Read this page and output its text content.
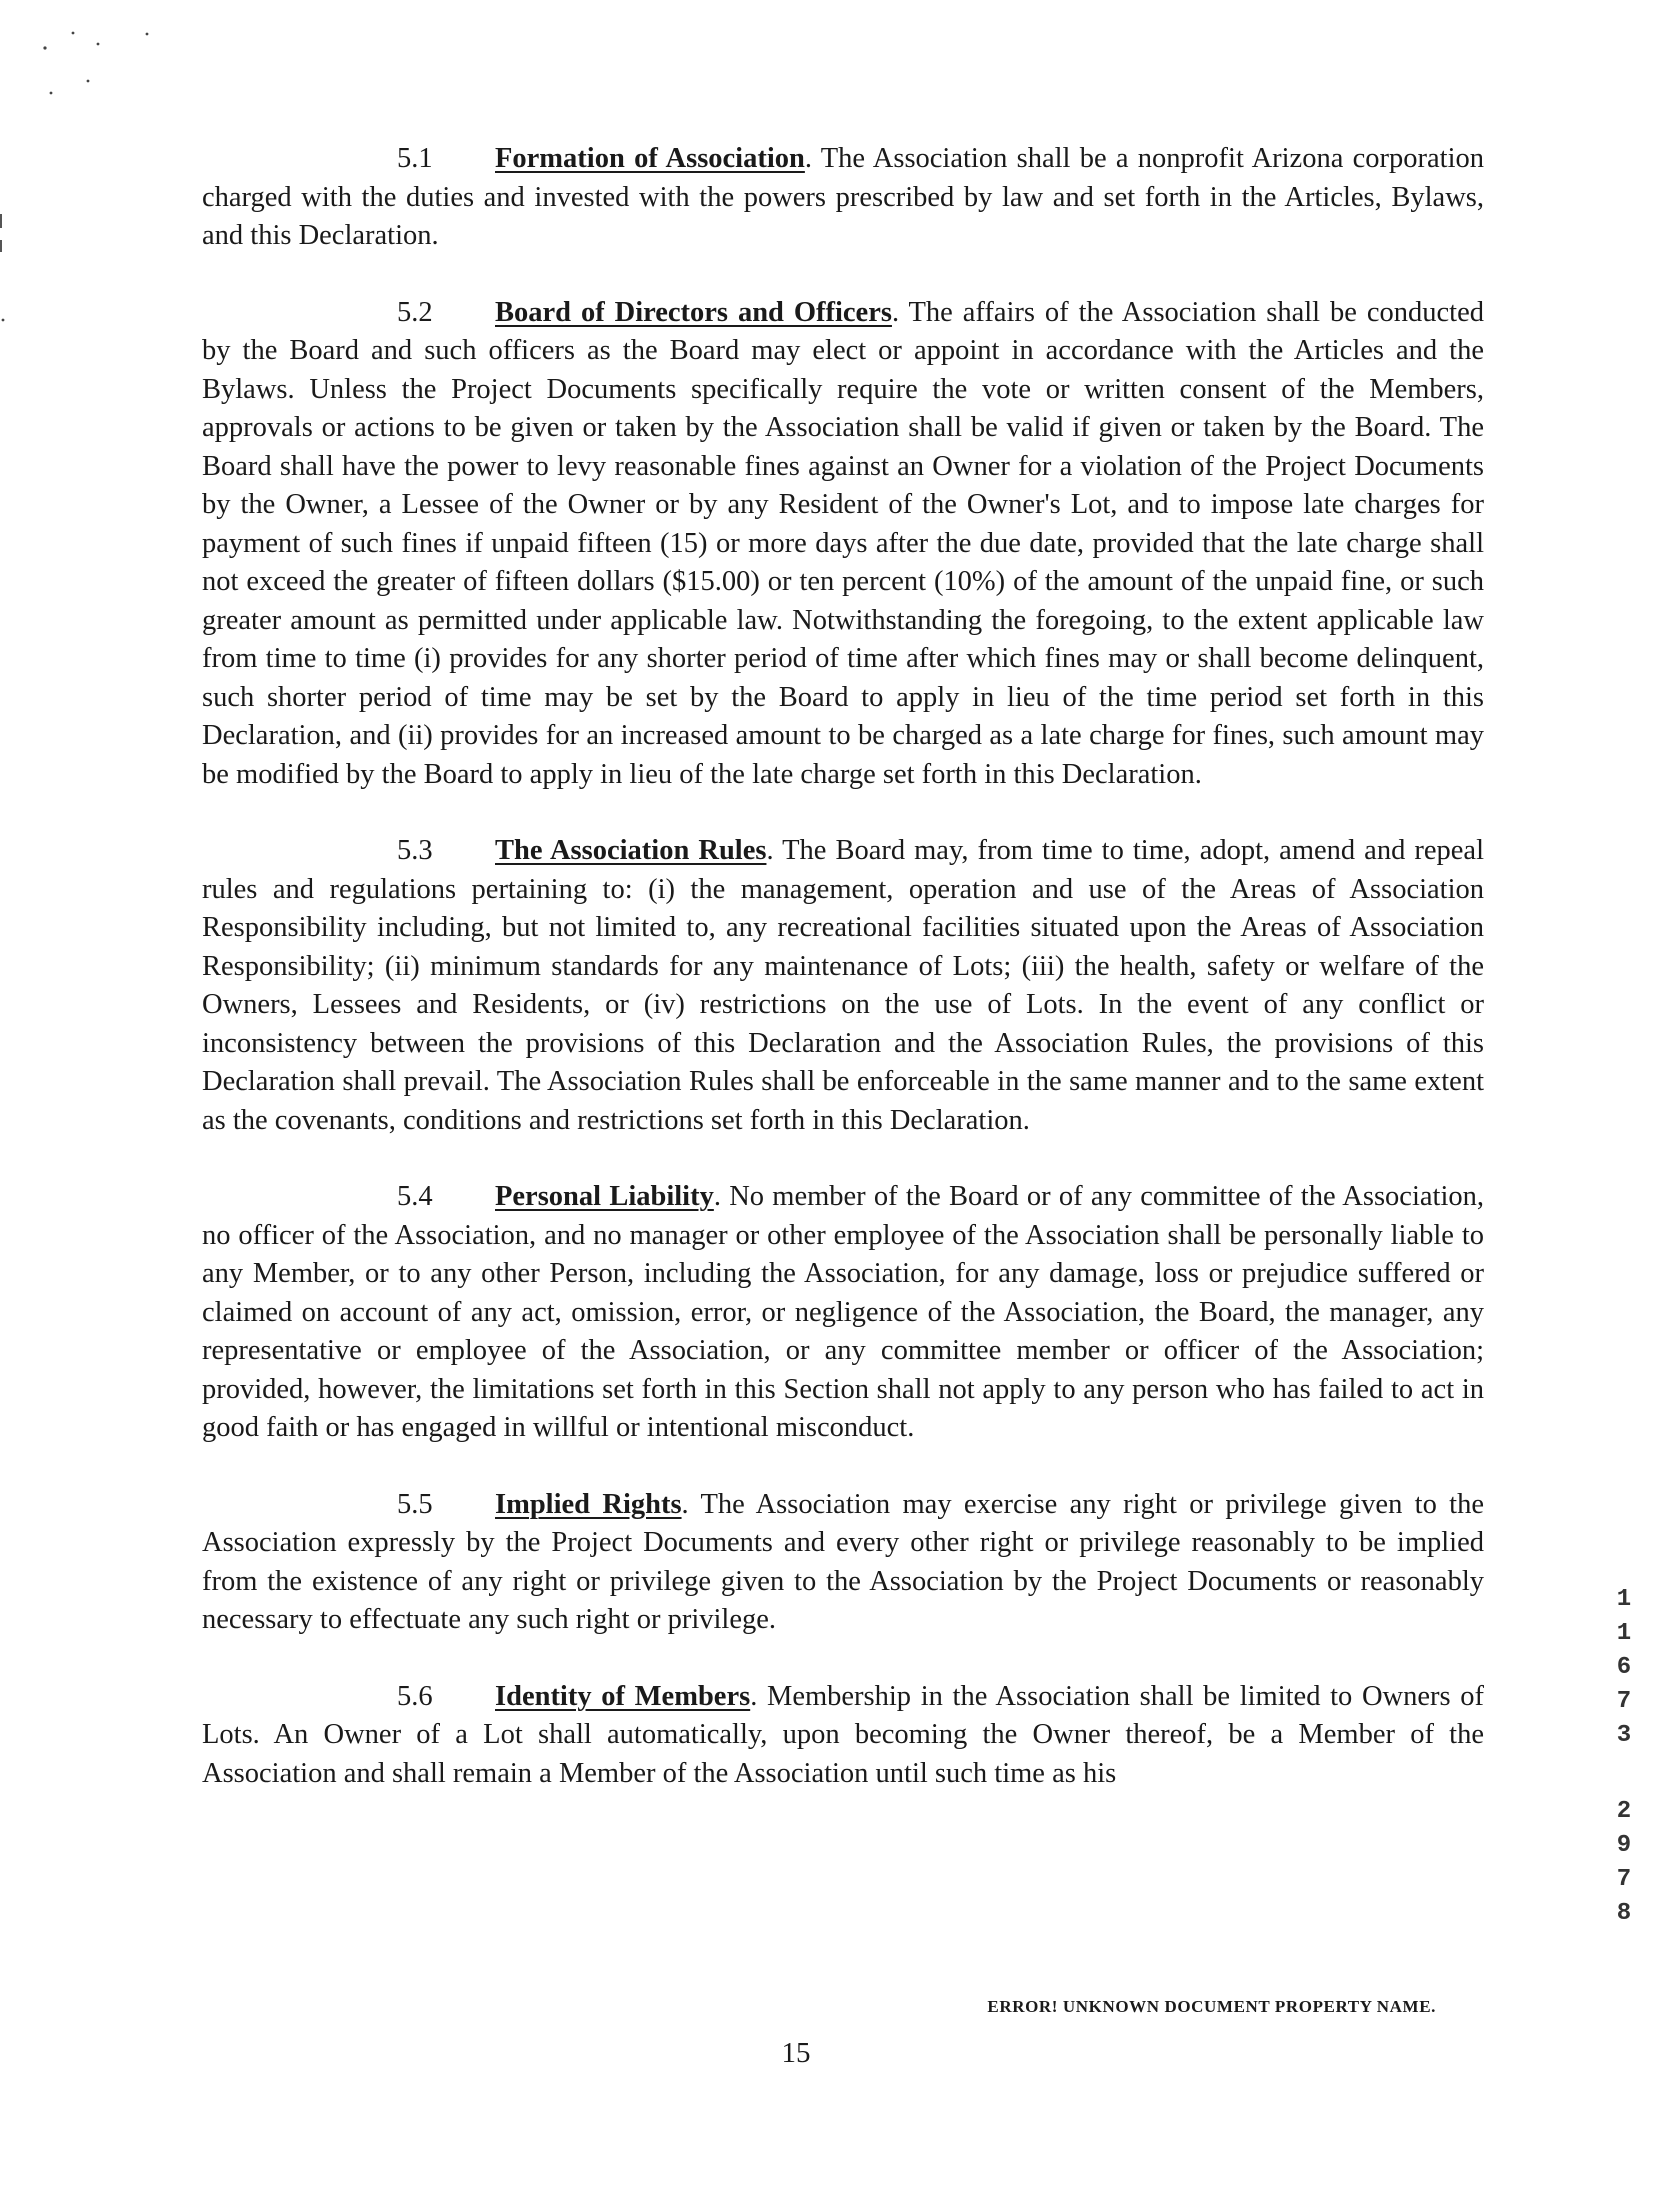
5.1 Formation of Association. The Association shall be a nonprofit Arizona corporation charged with the duties and invested with the powers prescribed by law and set forth in the Articles, Bylaws, and this Declaration.

5.2 Board of Directors and Officers. The affairs of the Association shall be conducted by the Board and such officers as the Board may elect or appoint in accordance with the Articles and the Bylaws. Unless the Project Documents specifically require the vote or written consent of the Members, approvals or actions to be given or taken by the Association shall be valid if given or taken by the Board. The Board shall have the power to levy reasonable fines against an Owner for a violation of the Project Documents by the Owner, a Lessee of the Owner or by any Resident of the Owner's Lot, and to impose late charges for payment of such fines if unpaid fifteen (15) or more days after the due date, provided that the late charge shall not exceed the greater of fifteen dollars ($15.00) or ten percent (10%) of the amount of the unpaid fine, or such greater amount as permitted under applicable law. Notwithstanding the foregoing, to the extent applicable law from time to time (i) provides for any shorter period of time after which fines may or shall become delinquent, such shorter period of time may be set by the Board to apply in lieu of the time period set forth in this Declaration, and (ii) provides for an increased amount to be charged as a late charge for fines, such amount may be modified by the Board to apply in lieu of the late charge set forth in this Declaration.

5.3 The Association Rules. The Board may, from time to time, adopt, amend and repeal rules and regulations pertaining to: (i) the management, operation and use of the Areas of Association Responsibility including, but not limited to, any recreational facilities situated upon the Areas of Association Responsibility; (ii) minimum standards for any maintenance of Lots; (iii) the health, safety or welfare of the Owners, Lessees and Residents, or (iv) restrictions on the use of Lots. In the event of any conflict or inconsistency between the provisions of this Declaration and the Association Rules, the provisions of this Declaration shall prevail. The Association Rules shall be enforceable in the same manner and to the same extent as the covenants, conditions and restrictions set forth in this Declaration.

5.4 Personal Liability. No member of the Board or of any committee of the Association, no officer of the Association, and no manager or other employee of the Association shall be personally liable to any Member, or to any other Person, including the Association, for any damage, loss or prejudice suffered or claimed on account of any act, omission, error, or negligence of the Association, the Board, the manager, any representative or employee of the Association, or any committee member or officer of the Association; provided, however, the limitations set forth in this Section shall not apply to any person who has failed to act in good faith or has engaged in willful or intentional misconduct.

5.5 Implied Rights. The Association may exercise any right or privilege given to the Association expressly by the Project Documents and every other right or privilege reasonably to be implied from the existence of any right or privilege given to the Association by the Project Documents or reasonably necessary to effectuate any such right or privilege.

5.6 Identity of Members. Membership in the Association shall be limited to Owners of Lots. An Owner of a Lot shall automatically, upon becoming the Owner thereof, be a Member of the Association and shall remain a Member of the Association until such time as his

1
1
6
7
3
2
9
7
8
ERROR! UNKNOWN DOCUMENT PROPERTY NAME.
15
